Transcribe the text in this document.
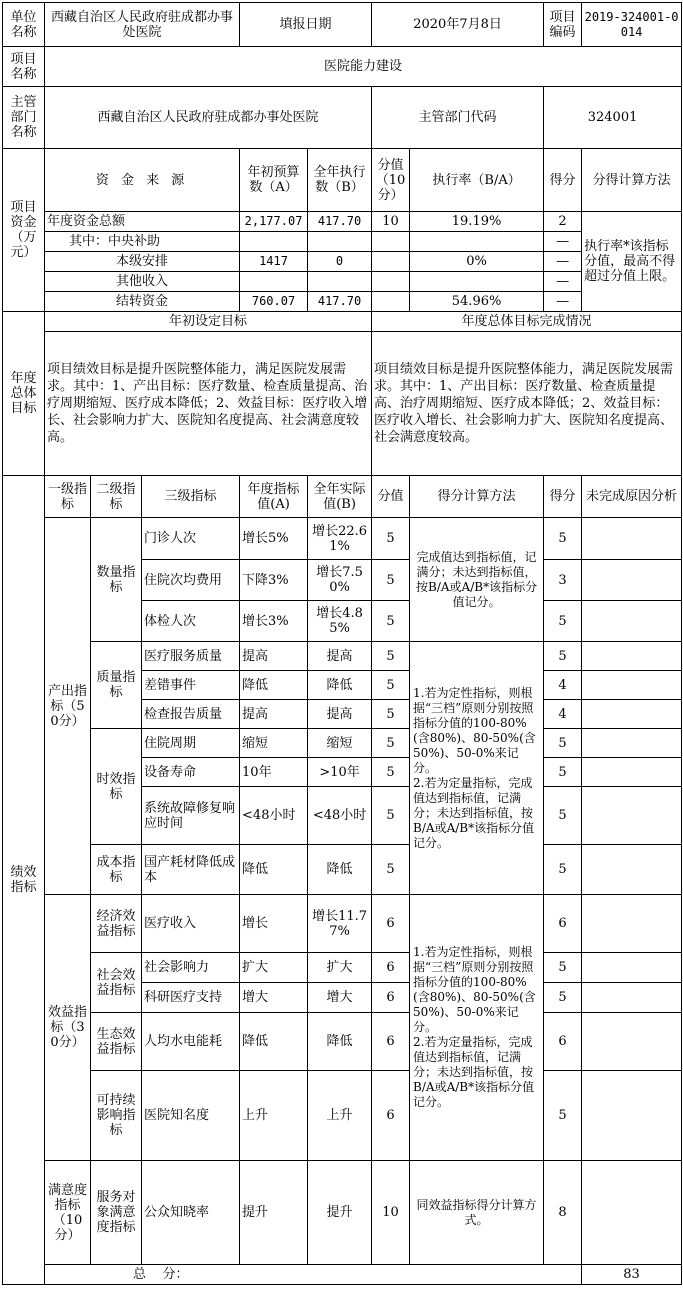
单位名称	西藏自治区人民政府驻成都办事处医院			填报日期		2020年7月8日		项目编码	2019-324001-0014	
项目名称	医院能力建设									
主管部门名称	西藏自治区人民政府驻成都办事处医院					主管部门代码		324001		
项目资金（万元）	资 金 来 源			年初预算数（A）	全年执行数（B）	分值（10分）	执行率（B/A）	得分	分得计算方法	
	年度资金总额			2,177.07	417.70	10	19.19%	2	执行率*该指标分值，最高不得超过分值上限。	
	其中：中央补助							—		
	本级安排			1417	0		0%	—		
	其他收入							—		
	结转资金			760.07	417.70		54.96%	—		
年度总体目标	年初设定目标					年度总体目标完成情况				
	项目绩效目标是提升医院整体能力，满足医院发展需求。其中：1、产出目标：医疗数量、检查质量提高、治疗周期缩短、医疗成本降低；2、效益目标：医疗收入增长、社会影响力扩大、医院知名度提高、社会满意度较高。					项目绩效目标是提升医院整体能力，满足医院发展需求。其中：1、产出目标：医疗数量、检查质量提高、治疗周期缩短、医疗成本降低；2、效益目标：医疗收入增长、社会影响力扩大、医院知名度提高、社会满意度较高。				
绩效指标	一级指标	二级指标	三级指标	年度指标值(A)	全年实际值(B)	分值	得分计算方法	得分	未完成原因分析	
	产出指标（50分）	数量指标	门诊人次	增长5%	增长22.61%	5	完成值达到指标值，记满分；未达到指标值，按B/A或A/B*该指标分值记分。	5		
			住院次均费用	下降3%	增长7.50%	5		3		
			体检人次	增长3%	增长4.85%	5		5		
		质量指标	医疗服务质量	提高	提高	5	1.若为定性指标，则根据“三档”原则分别按照指标分值的100-80%(含80%)、80-50%(含50%)、50-0%来记分。
2.若为定量指标，完成值达到指标值，记满分；未达到指标值，按B/A或A/B*该指标分值记分。	5		
			差错事件	降低	降低	5		4		
			检查报告质量	提高	提高	5		4		
		时效指标	住院周期	缩短	缩短	5		5		
			设备寿命	10年	>10年	5		5		
			系统故障修复响应时间	<48小时	<48小时	5		5		
		成本指标	国产耗材降低成本	降低	降低	5		5		
	效益指标（30分）	经济效益指标	医疗收入	增长	增长11.77%	6	1.若为定性指标，则根据“三档”原则分别按照指标分值的100-80%(含80%)、80-50%(含50%)、50-0%来记分。
2.若为定量指标，完成值达到指标值，记满分；未达到指标值，按B/A或A/B*该指标分值记分。	6		
		社会效益指标	社会影响力	扩大	扩大	6		5		
			科研医疗支持	增大	增大	6		5		
		生态效益指标	人均水电能耗	降低	降低	6		6		
		可持续影响指标	医院知名度	上升	上升	6		5		
	满意度指标（10分）	服务对象满意度指标	公众知晓率	提升	提升	10	同效益指标得分计算方式。	8		
	总    分：								83	
